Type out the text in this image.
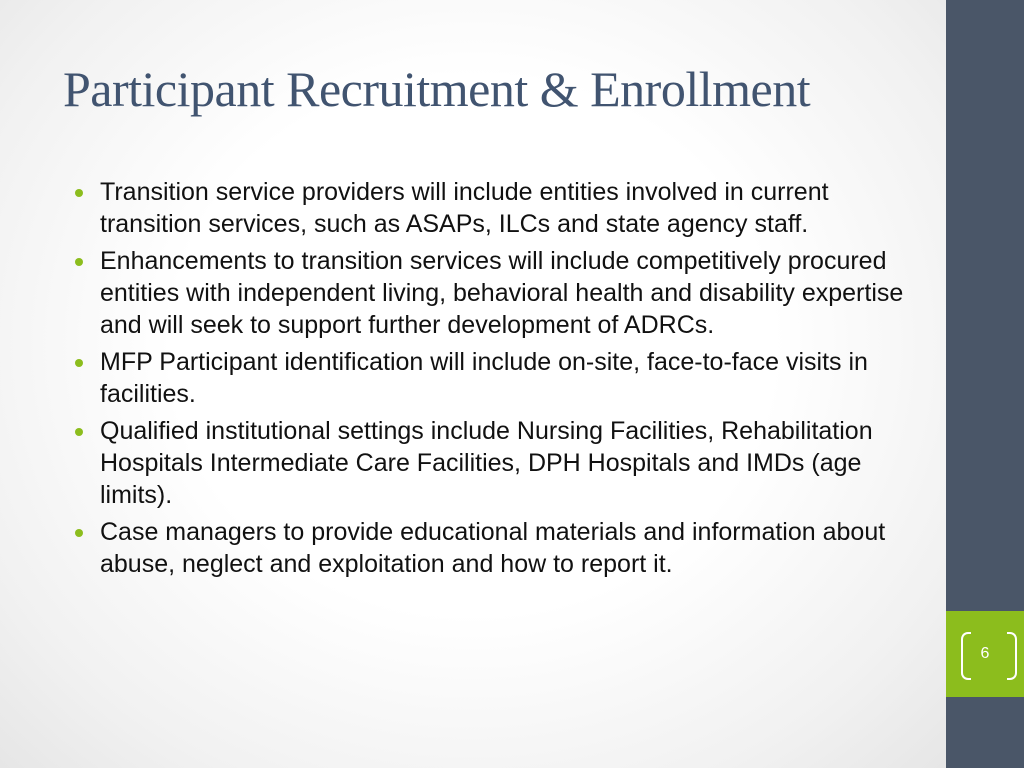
Participant Recruitment & Enrollment
Transition service providers will include entities involved in current transition services, such as ASAPs, ILCs and state agency staff.
Enhancements to transition services will include competitively procured entities with independent living, behavioral health and disability expertise and will seek to support further development of ADRCs.
MFP Participant identification will include on-site, face-to-face visits in facilities.
Qualified institutional settings include Nursing Facilities, Rehabilitation Hospitals Intermediate Care Facilities, DPH Hospitals and IMDs (age limits).
Case managers to provide educational materials and information about abuse, neglect and exploitation and how to report it.
6
